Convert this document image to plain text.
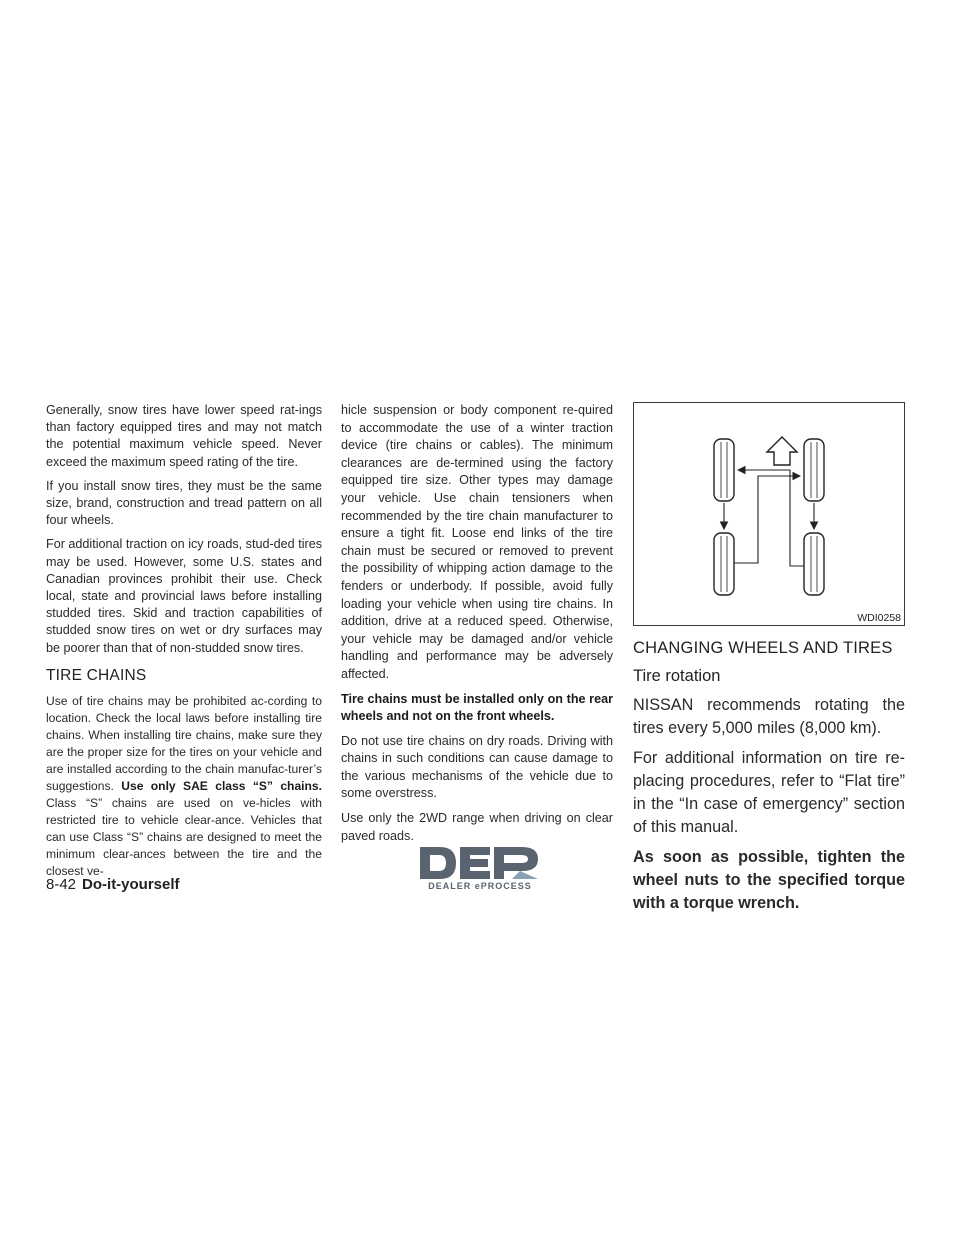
Generally, snow tires have lower speed rat-ings than factory equipped tires and may not match the potential maximum vehicle speed. Never exceed the maximum speed rating of the tire.

If you install snow tires, they must be the same size, brand, construction and tread pattern on all four wheels.

For additional traction on icy roads, stud-ded tires may be used. However, some U.S. states and Canadian provinces prohibit their use. Check local, state and provincial laws before installing studded tires. Skid and traction capabilities of studded snow tires on wet or dry surfaces may be poorer than that of non-studded snow tires.

TIRE CHAINS

Use of tire chains may be prohibited ac-cording to location. Check the local laws before installing tire chains. When installing tire chains, make sure they are the proper size for the tires on your vehicle and are installed according to the chain manufac-turer’s suggestions. Use only SAE class “S” chains. Class “S” chains are used on ve-hicles with restricted tire to vehicle clear-ance. Vehicles that can use Class “S” chains are designed to meet the minimum clear-ances between the tire and the closest ve-

hicle suspension or body component re-quired to accommodate the use of a winter traction device (tire chains or cables). The minimum clearances are de-termined using the factory equipped tire size. Other types may damage your vehicle. Use chain tensioners when recommended by the tire chain manufacturer to ensure a tight fit. Loose end links of the tire chain must be secured or removed to prevent the possibility of whipping action damage to the fenders or underbody. If possible, avoid fully loading your vehicle when using tire chains. In addition, drive at a reduced speed. Otherwise, your vehicle may be damaged and/or vehicle handling and performance may be adversely affected.

Tire chains must be installed only on the rear wheels and not on the front wheels.

Do not use tire chains on dry roads. Driving with chains in such conditions can cause damage to the various mechanisms of the vehicle due to some overstress.

Use only the 2WD range when driving on clear paved roads.

WDI0258
CHANGING WHEELS AND TIRES
Tire rotation

NISSAN recommends rotating the tires every 5,000 miles (8,000 km).

For additional information on tire re-placing procedures, refer to “Flat tire” in the “In case of emergency” section of this manual.

As soon as possible, tighten the wheel nuts to the specified torque with a torque wrench.

DEALER ePROCESS
8-42 Do-it-yourself
